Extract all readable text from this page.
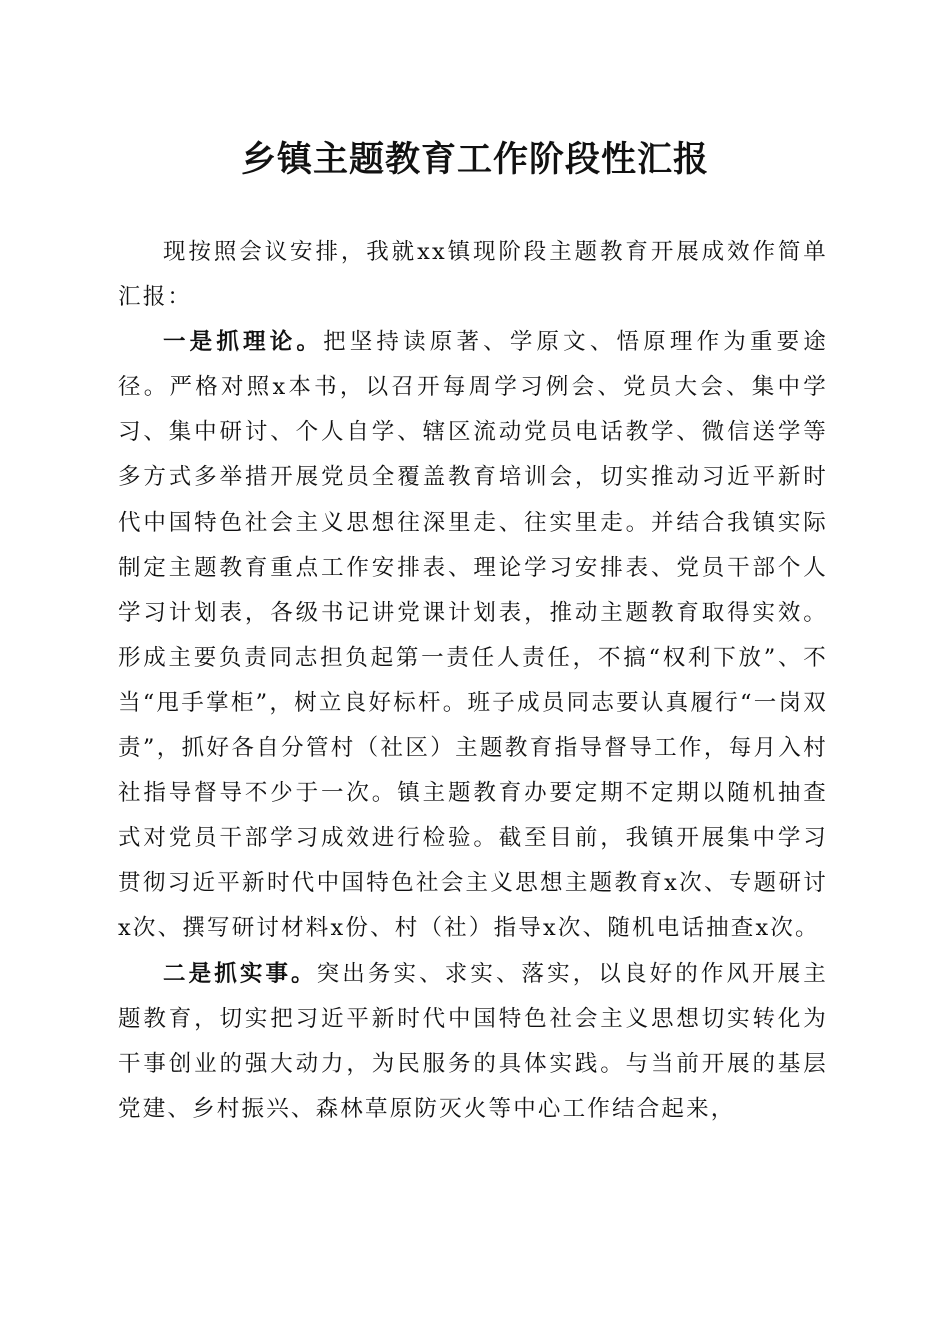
乡镇主题教育工作阶段性汇报

现按照会议安排，我就xx镇现阶段主题教育开展成效作简单汇报：

一是抓理论。把坚持读原著、学原文、悟原理作为重要途径。严格对照x本书，以召开每周学习例会、党员大会、集中学习、集中研讨、个人自学、辖区流动党员电话教学、微信送学等多方式多举措开展党员全覆盖教育培训会，切实推动习近平新时代中国特色社会主义思想往深里走、往实里走。并结合我镇实际制定主题教育重点工作安排表、理论学习安排表、党员干部个人学习计划表，各级书记讲党课计划表，推动主题教育取得实效。形成主要负责同志担负起第一责任人责任，不搞“权利下放”、不当“甩手掌柜”，树立良好标杆。班子成员同志要认真履行“一岗双责”，抓好各自分管村（社区）主题教育指导督导工作，每月入村社指导督导不少于一次。镇主题教育办要定期不定期以随机抽查式对党员干部学习成效进行检验。截至目前，我镇开展集中学习贯彻习近平新时代中国特色社会主义思想主题教育x次、专题研讨x次、撰写研讨材料x份、村（社）指导x次、随机电话抽查x次。

二是抓实事。突出务实、求实、落实，以良好的作风开展主题教育，切实把习近平新时代中国特色社会主义思想切实转化为干事创业的强大动力，为民服务的具体实践。与当前开展的基层党建、乡村振兴、森林草原防灭火等中心工作结合起来，
